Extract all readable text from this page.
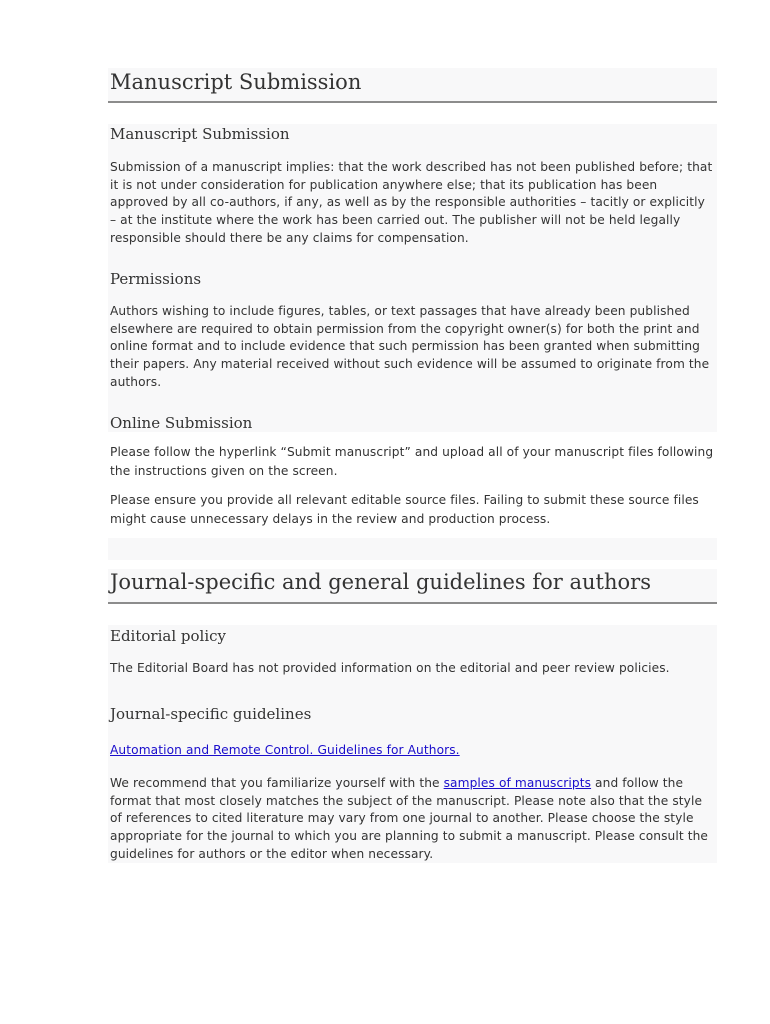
Manuscript Submission
Manuscript Submission

Submission of a manuscript implies: that the work described has not been published before; that it is not under consideration for publication anywhere else; that its publication has been approved by all co-authors, if any, as well as by the responsible authorities – tacitly or explicitly – at the institute where the work has been carried out. The publisher will not be held legally responsible should there be any claims for compensation.

Permissions

Authors wishing to include figures, tables, or text passages that have already been published elsewhere are required to obtain permission from the copyright owner(s) for both the print and online format and to include evidence that such permission has been granted when submitting their papers. Any material received without such evidence will be assumed to originate from the authors.

Online Submission

Please follow the hyperlink “Submit manuscript” and upload all of your manuscript files following the instructions given on the screen.

Please ensure you provide all relevant editable source files. Failing to submit these source files might cause unnecessary delays in the review and production process.

Journal-specific and general guidelines for authors
Editorial policy

The Editorial Board has not provided information on the editorial and peer review policies.

Journal-specific guidelines

Automation and Remote Control. Guidelines for Authors.

We recommend that you familiarize yourself with the samples of manuscripts and follow the format that most closely matches the subject of the manuscript. Please note also that the style of references to cited literature may vary from one journal to another. Please choose the style appropriate for the journal to which you are planning to submit a manuscript. Please consult the guidelines for authors or the editor when necessary.
